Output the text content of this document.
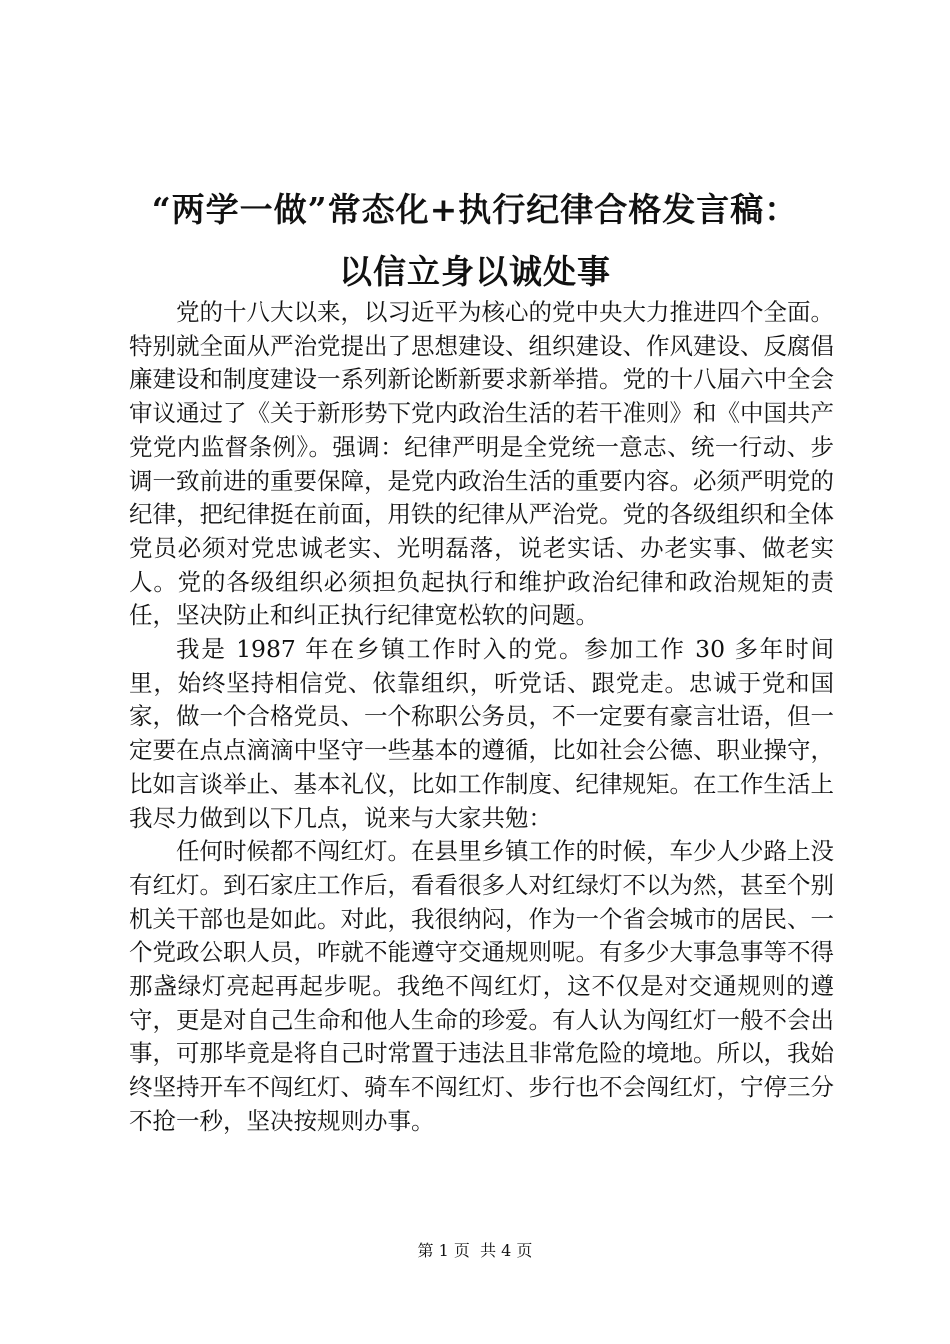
“两学一做”常态化+执行纪律合格发言稿：
以信立身以诚处事

党的十八大以来，以习近平为核心的党中央大力推进四个全面。特别就全面从严治党提出了思想建设、组织建设、作风建设、反腐倡廉建设和制度建设一系列新论断新要求新举措。党的十八届六中全会审议通过了《关于新形势下党内政治生活的若干准则》和《中国共产党党内监督条例》。强调：纪律严明是全党统一意志、统一行动、步调一致前进的重要保障，是党内政治生活的重要内容。必须严明党的纪律，把纪律挺在前面，用铁的纪律从严治党。党的各级组织和全体党员必须对党忠诚老实、光明磊落，说老实话、办老实事、做老实人。党的各级组织必须担负起执行和维护政治纪律和政治规矩的责任，坚决防止和纠正执行纪律宽松软的问题。

我是 1987 年在乡镇工作时入的党。参加工作 30 多年时间里，始终坚持相信党、依靠组织，听党话、跟党走。忠诚于党和国家，做一个合格党员、一个称职公务员，不一定要有豪言壮语，但一定要在点点滴滴中坚守一些基本的遵循，比如社会公德、职业操守，比如言谈举止、基本礼仪，比如工作制度、纪律规矩。在工作生活上我尽力做到以下几点，说来与大家共勉：

任何时候都不闯红灯。在县里乡镇工作的时候，车少人少路上没有红灯。到石家庄工作后，看看很多人对红绿灯不以为然，甚至个别机关干部也是如此。对此，我很纳闷，作为一个省会城市的居民、一个党政公职人员，咋就不能遵守交通规则呢。有多少大事急事等不得那盏绿灯亮起再起步呢。我绝不闯红灯，这不仅是对交通规则的遵守，更是对自己生命和他人生命的珍爱。有人认为闯红灯一般不会出事，可那毕竟是将自己时常置于违法且非常危险的境地。所以，我始终坚持开车不闯红灯、骑车不闯红灯、步行也不会闯红灯，宁停三分不抢一秒，坚决按规则办事。

第 1 页 共 4 页
